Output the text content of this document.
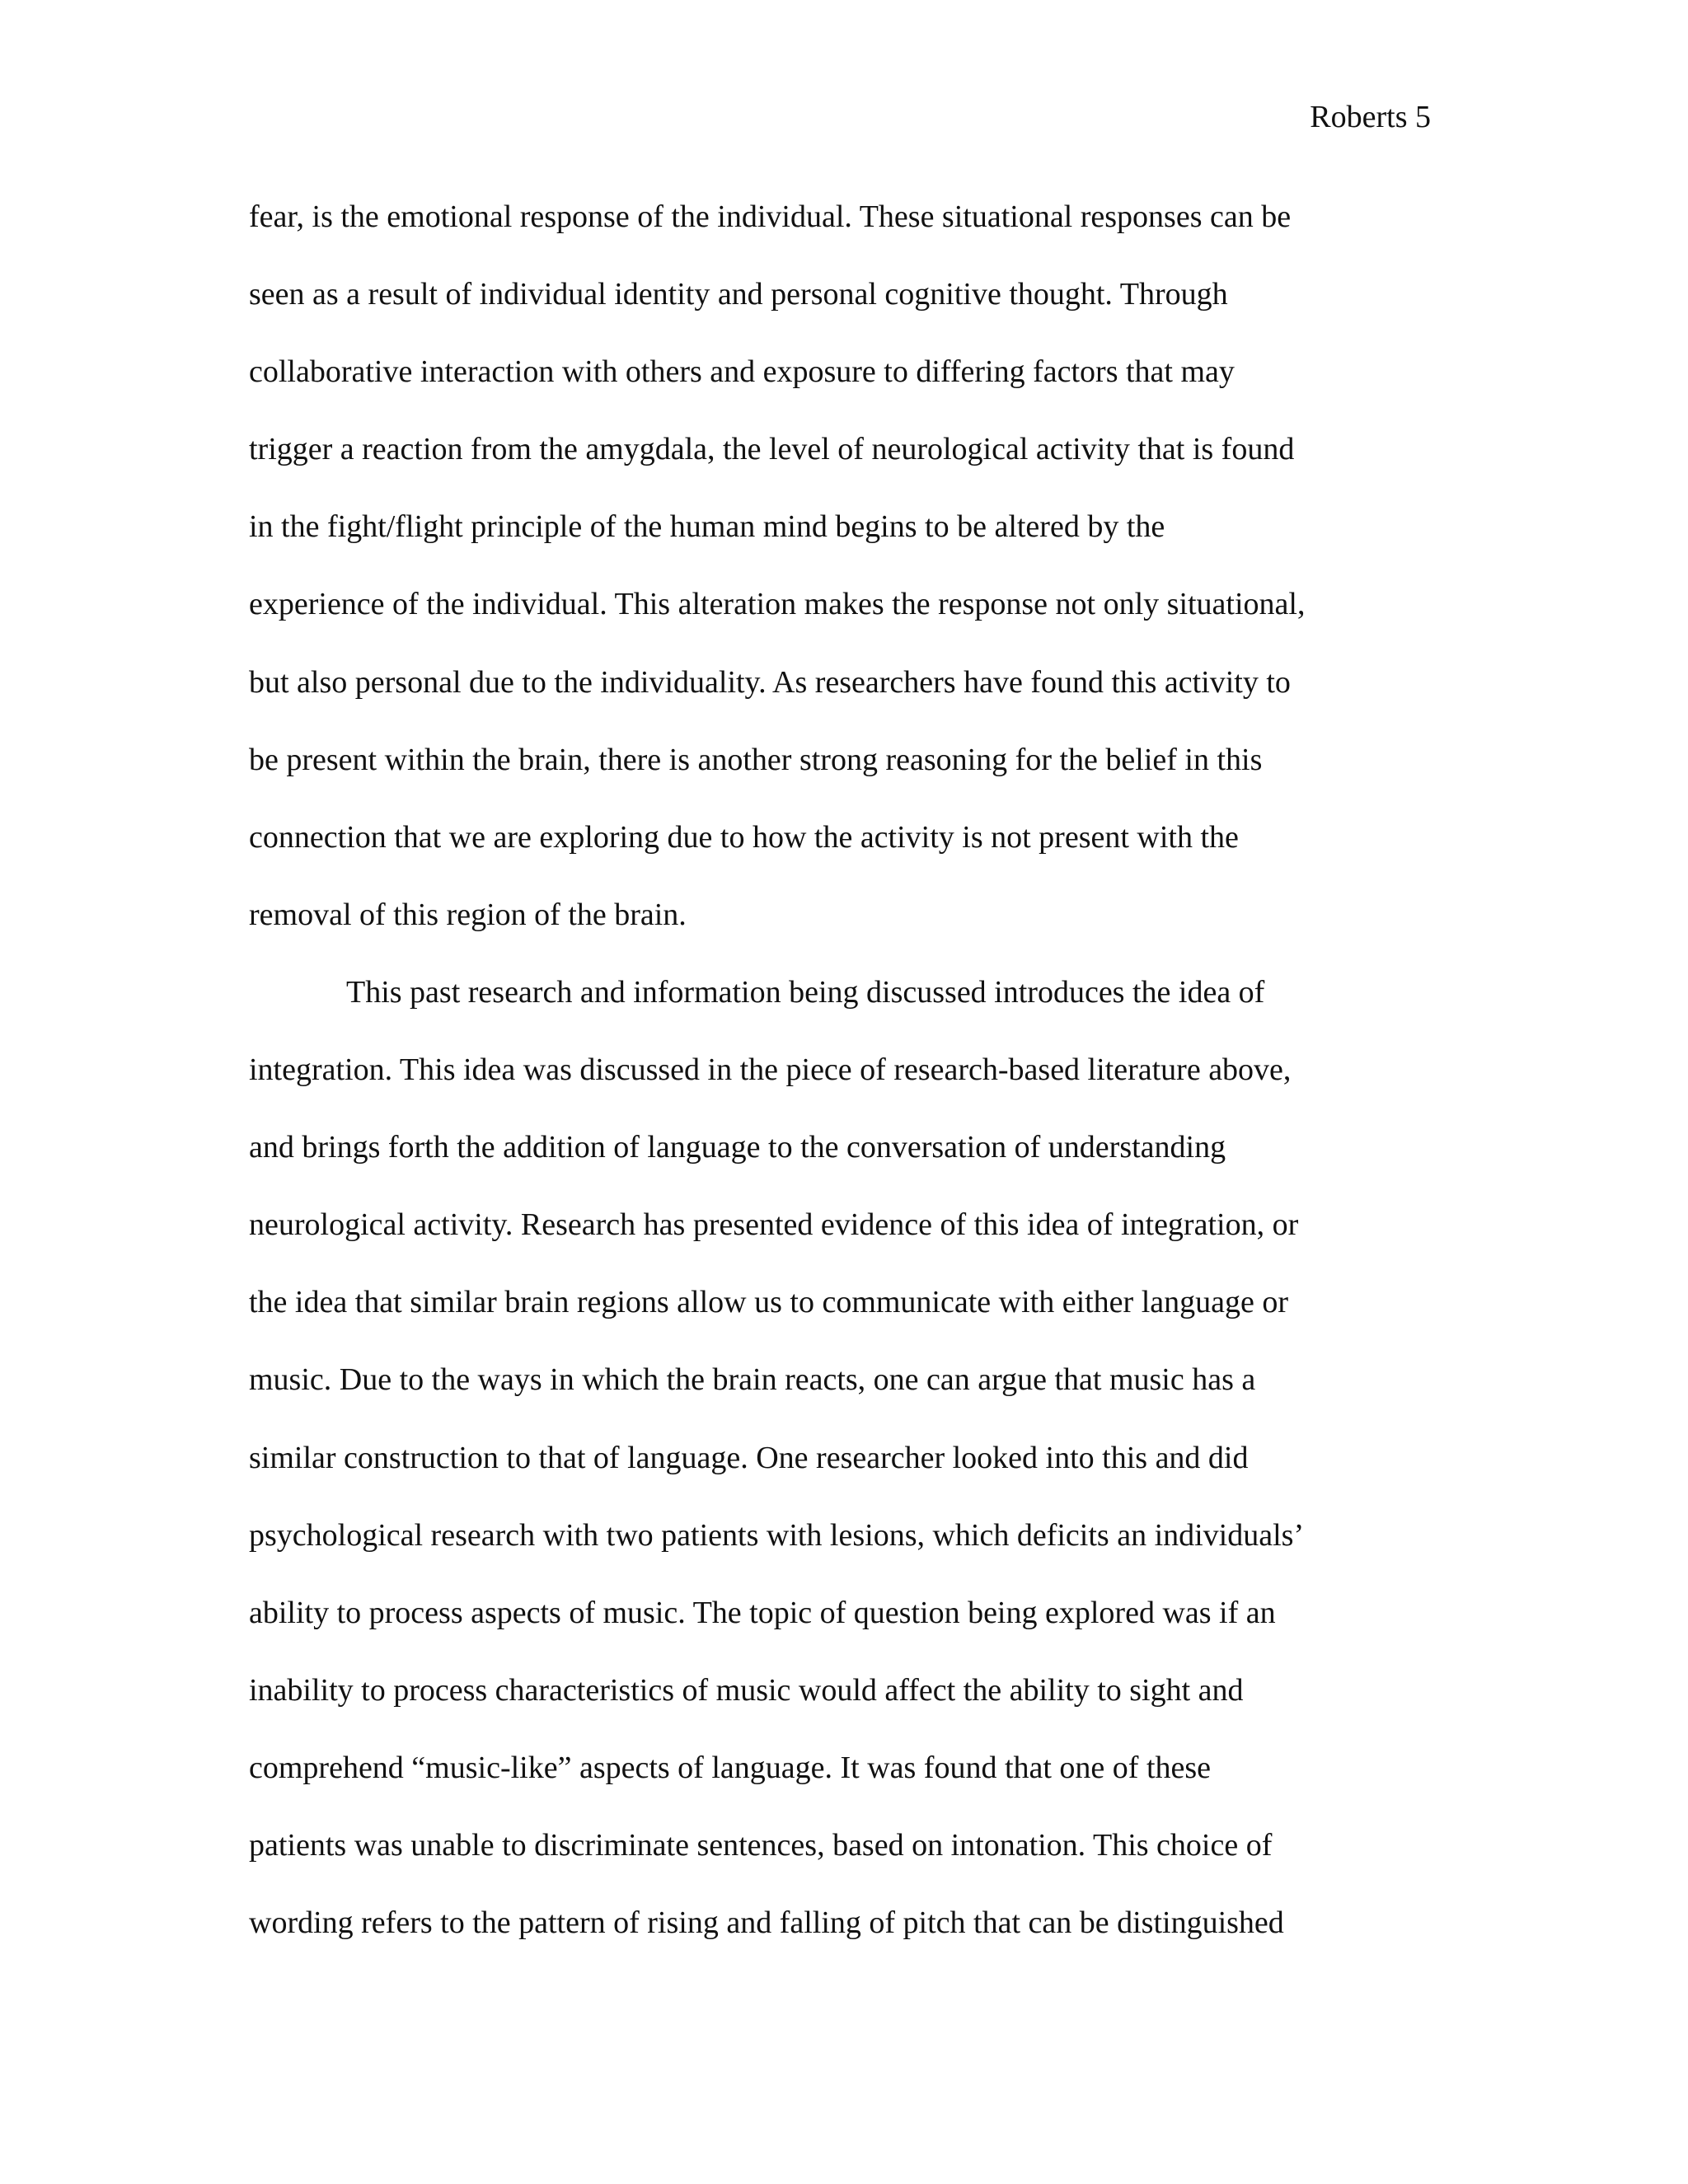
Roberts 5
fear, is the emotional response of the individual. These situational responses can be
seen as a result of individual identity and personal cognitive thought. Through
collaborative interaction with others and exposure to differing factors that may
trigger a reaction from the amygdala, the level of neurological activity that is found
in the fight/flight principle of the human mind begins to be altered by the
experience of the individual. This alteration makes the response not only situational,
but also personal due to the individuality. As researchers have found this activity to
be present within the brain, there is another strong reasoning for the belief in this
connection that we are exploring due to how the activity is not present with the
removal of this region of the brain.
This past research and information being discussed introduces the idea of
integration. This idea was discussed in the piece of research-based literature above,
and brings forth the addition of language to the conversation of understanding
neurological activity. Research has presented evidence of this idea of integration, or
the idea that similar brain regions allow us to communicate with either language or
music. Due to the ways in which the brain reacts, one can argue that music has a
similar construction to that of language. One researcher looked into this and did
psychological research with two patients with lesions, which deficits an individuals’
ability to process aspects of music. The topic of question being explored was if an
inability to process characteristics of music would affect the ability to sight and
comprehend “music-like” aspects of language. It was found that one of these
patients was unable to discriminate sentences, based on intonation. This choice of
wording refers to the pattern of rising and falling of pitch that can be distinguished
